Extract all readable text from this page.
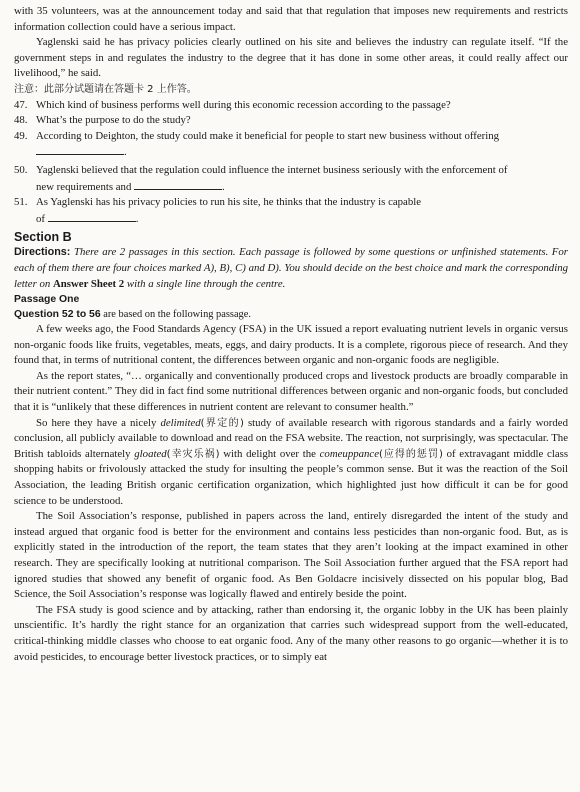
with 35 volunteers, was at the announcement today and said that that regulation that imposes new requirements and restricts information collection could have a serious impact.

Yaglenski said he has privacy policies clearly outlined on his site and believes the industry can regulate itself. “If the government steps in and regulates the industry to the degree that it has done in some other areas, it could really affect our livelihood,” he said.

注意：此部分试题请在答题卡 2 上作答。

47. Which kind of business performs well during this economic recession according to the passage?
48. What’s the purpose to do the study?
49. According to Deighton, the study could make it beneficial for people to start new business without offering
.
50. Yaglenski believed that the regulation could influence the internet business seriously with the enforcement of
new requirements and	.
51. As Yaglenski has his privacy policies to run his site, he thinks that the industry is capable
of	.
Section B

Directions: There are 2 passages in this section. Each passage is followed by some questions or unfinished statements. For each of them there are four choices marked A), B), C) and D). You should decide on the best choice and mark the corresponding letter on Answer Sheet 2 with a single line through the centre.

Passage One
Question 52 to 56 are based on the following passage.

A few weeks ago, the Food Standards Agency (FSA) in the UK issued a report evaluating nutrient levels in organic versus non-organic foods like fruits, vegetables, meats, eggs, and dairy products. It is a complete, rigorous piece of research. And they found that, in terms of nutritional content, the differences between organic and non-organic foods are negligible.

As the report states, “… organically and conventionally produced crops and livestock products are broadly comparable in their nutrient content.” They did in fact find some nutritional differences between organic and non-organic foods, but concluded that it is “unlikely that these differences in nutrient content are relevant to consumer health.”

So here they have a nicely delimited(界定的) study of available research with rigorous standards and a fairly worded conclusion, all publicly available to download and read on the FSA website. The reaction, not surprisingly, was spectacular. The British tabloids alternately gloated(幸灾乐祸) with delight over the comeuppance(应得的惩罚) of extravagant middle class shopping habits or frivolously attacked the study for insulting the people’s common sense. But it was the reaction of the Soil Association, the leading British organic certification organization, which highlighted just how difficult it can be for good science to be understood.

The Soil Association’s response, published in papers across the land, entirely disregarded the intent of the study and instead argued that organic food is better for the environment and contains less pesticides than non-organic food. But, as is explicitly stated in the introduction of the report, the team states that they aren’t looking at the impact examined in other research. They are specifically looking at nutritional comparison. The Soil Association further argued that the FSA report had ignored studies that showed any benefit of organic food. As Ben Goldacre incisively dissected on his popular blog, Bad Science, the Soil Association’s response was logically flawed and entirely beside the point.

The FSA study is good science and by attacking, rather than endorsing it, the organic lobby in the UK has been plainly unscientific. It’s hardly the right stance for an organization that carries such widespread support from the well-educated, critical-thinking middle classes who choose to eat organic food. Any of the many other reasons to go organic—whether it is to avoid pesticides, to encourage better livestock practices, or to simply eat
